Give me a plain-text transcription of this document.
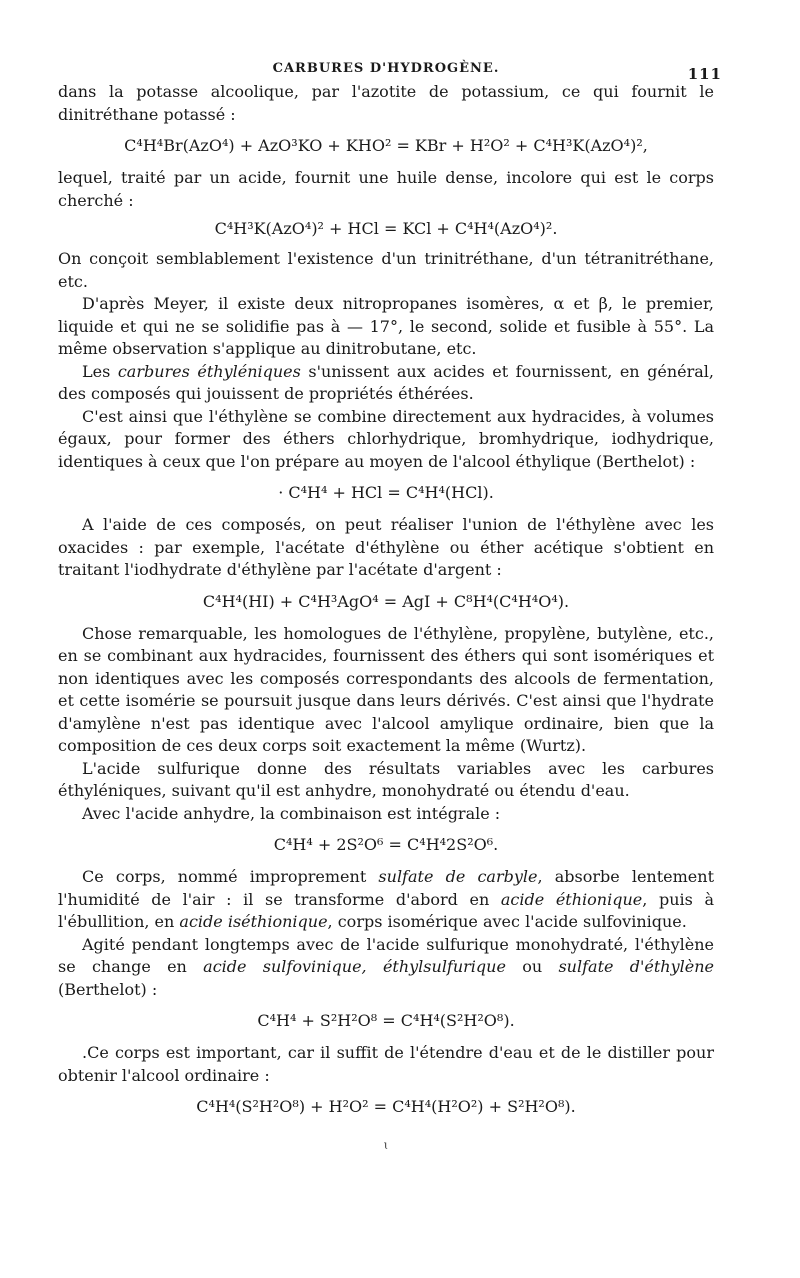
CARBURES D'HYDROGÈNE.	111

dans la potasse alcoolique, par l'azotite de potassium, ce qui fournit le dinitréthane potassé :

C⁴H⁴Br(AzO⁴) + AzO³KO + KHO² = KBr + H²O² + C⁴H³K(AzO⁴)²,

lequel, traité par un acide, fournit une huile dense, incolore qui est le corps cherché :

C⁴H³K(AzO⁴)² + HCl = KCl + C⁴H⁴(AzO⁴)².

On conçoit semblablement l'existence d'un trinitréthane, d'un tétranitréthane, etc.

D'après Meyer, il existe deux nitropropanes isomères, α et β, le premier, liquide et qui ne se solidifie pas à — 17°, le second, solide et fusible à 55°. La même observation s'applique au dinitrobutane, etc.

Les carbures éthyléniques s'unissent aux acides et fournissent, en général, des composés qui jouissent de propriétés éthérées.

C'est ainsi que l'éthylène se combine directement aux hydracides, à volumes égaux, pour former des éthers chlorhydrique, bromhydrique, iodhydrique, identiques à ceux que l'on prépare au moyen de l'alcool éthylique (Berthelot) :

· C⁴H⁴ + HCl = C⁴H⁴(HCl).

A l'aide de ces composés, on peut réaliser l'union de l'éthylène avec les oxacides : par exemple, l'acétate d'éthylène ou éther acétique s'obtient en traitant l'iodhydrate d'éthylène par l'acétate d'argent :

C⁴H⁴(HI) + C⁴H³AgO⁴ = AgI + C⁸H⁴(C⁴H⁴O⁴).

Chose remarquable, les homologues de l'éthylène, propylène, butylène, etc., en se combinant aux hydracides, fournissent des éthers qui sont isomériques et non identiques avec les composés correspondants des alcools de fermentation, et cette isomérie se poursuit jusque dans leurs dérivés. C'est ainsi que l'hydrate d'amylène n'est pas identique avec l'alcool amylique ordinaire, bien que la composition de ces deux corps soit exactement la même (Wurtz).

L'acide sulfurique donne des résultats variables avec les carbures éthyléniques, suivant qu'il est anhydre, monohydraté ou étendu d'eau.

Avec l'acide anhydre, la combinaison est intégrale :

C⁴H⁴ + 2S²O⁶ = C⁴H⁴2S²O⁶.

Ce corps, nommé improprement sulfate de carbyle, absorbe lentement l'humidité de l'air : il se transforme d'abord en acide éthionique, puis à l'ébullition, en acide iséthionique, corps isomérique avec l'acide sulfovinique.

Agité pendant longtemps avec de l'acide sulfurique monohydraté, l'éthylène se change en acide sulfovinique, éthylsulfurique ou sulfate d'éthylène (Berthelot) :

C⁴H⁴ + S²H²O⁸ = C⁴H⁴(S²H²O⁸).

.Ce corps est important, car il suffit de l'étendre d'eau et de le distiller pour obtenir l'alcool ordinaire :

C⁴H⁴(S²H²O⁸) + H²O² = C⁴H⁴(H²O²) + S²H²O⁸).
ɩ
